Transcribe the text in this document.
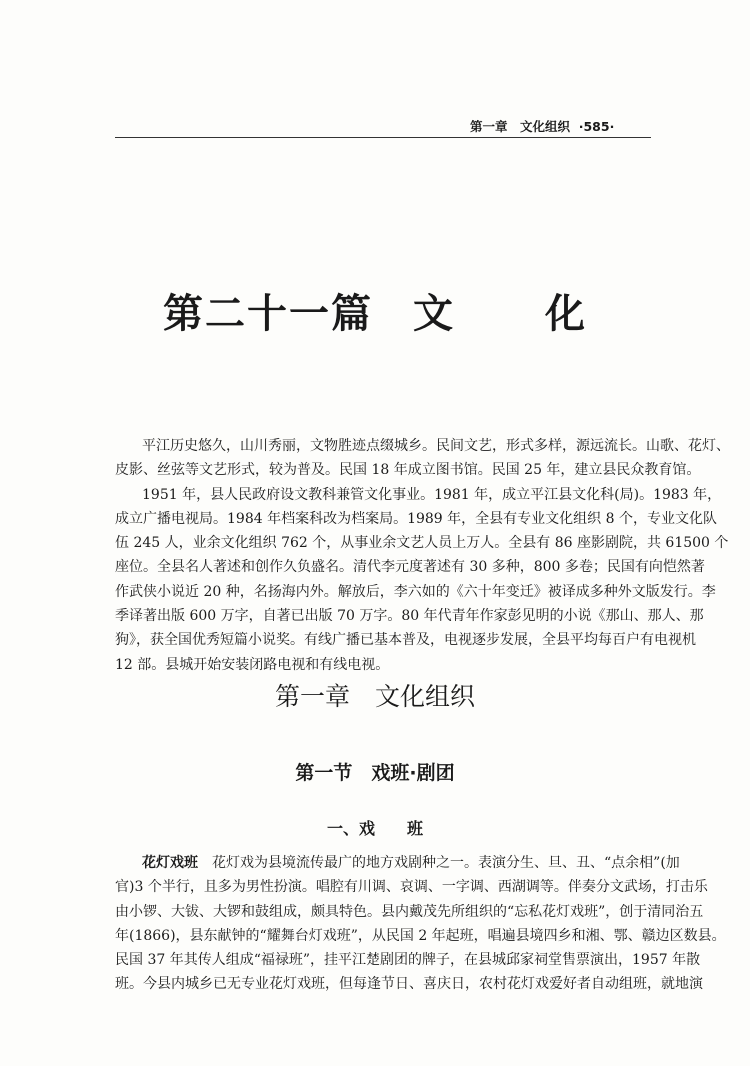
第一章　文化组织 ·585·
第二十一篇 文 化
平江历史悠久，山川秀丽，文物胜迹点缀城乡。民间文艺，形式多样，源远流长。山歌、花灯、
皮影、丝弦等文艺形式，较为普及。民国 18 年成立图书馆。民国 25 年，建立县民众教育馆。
1951 年，县人民政府设文教科兼管文化事业。1981 年，成立平江县文化科(局)。1983 年，
成立广播电视局。1984 年档案科改为档案局。1989 年，全县有专业文化组织 8 个，专业文化队
伍 245 人，业余文化组织 762 个，从事业余文艺人员上万人。全县有 86 座影剧院，共 61500 个
座位。全县名人著述和创作久负盛名。清代李元度著述有 30 多种，800 多卷；民国有向恺然著
作武侠小说近 20 种，名扬海内外。解放后，李六如的《六十年变迁》被译成多种外文版发行。李
季译著出版 600 万字，自著已出版 70 万字。80 年代青年作家彭见明的小说《那山、那人、那
狗》，获全国优秀短篇小说奖。有线广播已基本普及，电视逐步发展，全县平均每百户有电视机
12 部。县城开始安装闭路电视和有线电视。
第一章　文化组织
第一节　戏班·剧团
一、戏　　班
花灯戏班　花灯戏为县境流传最广的地方戏剧种之一。表演分生、旦、丑、“点余相”(加
官)3 个半行，且多为男性扮演。唱腔有川调、哀调、一字调、西湖调等。伴奏分文武场，打击乐
由小锣、大钹、大锣和鼓组成，颇具特色。县内戴茂先所组织的“忘私花灯戏班”，创于清同治五
年(1866)，县东献钟的“耀舞台灯戏班”，从民国 2 年起班，唱遍县境四乡和湘、鄂、赣边区数县。
民国 37 年其传人组成“福禄班”，挂平江楚剧团的牌子，在县城邱家祠堂售票演出，1957 年散
班。今县内城乡已无专业花灯戏班，但每逢节日、喜庆日，农村花灯戏爱好者自动组班，就地演
